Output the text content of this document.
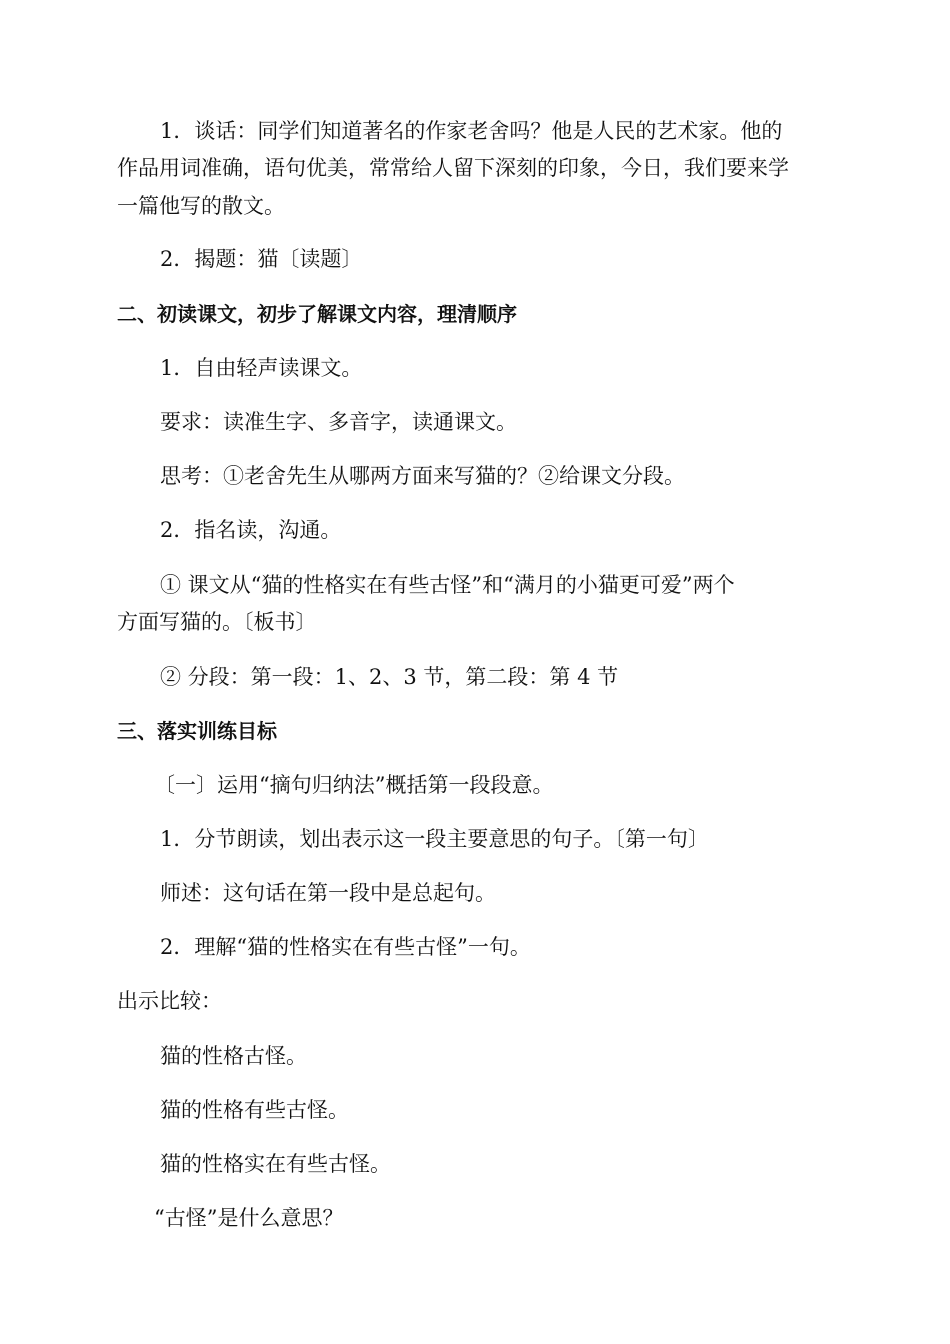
1．谈话：同学们知道著名的作家老舍吗？他是人民的艺术家。他的

作品用词准确，语句优美，常常给人留下深刻的印象，今日，我们要来学

一篇他写的散文。

2．揭题：猫〔读题〕

二、初读课文，初步了解课文内容，理清顺序

1．自由轻声读课文。

要求：读准生字、多音字，读通课文。

思考：①老舍先生从哪两方面来写猫的？②给课文分段。

2．指名读，沟通。

① 课文从“猫的性格实在有些古怪”和“满月的小猫更可爱”两个

方面写猫的。〔板书〕

② 分段：第一段：1、2、3 节，第二段：第 4 节

三、落实训练目标

〔一〕运用“摘句归纳法”概括第一段段意。

1．分节朗读，划出表示这一段主要意思的句子。〔第一句〕

师述：这句话在第一段中是总起句。

2．理解“猫的性格实在有些古怪”一句。

出示比较：

猫的性格古怪。

猫的性格有些古怪。

猫的性格实在有些古怪。

“古怪”是什么意思？
